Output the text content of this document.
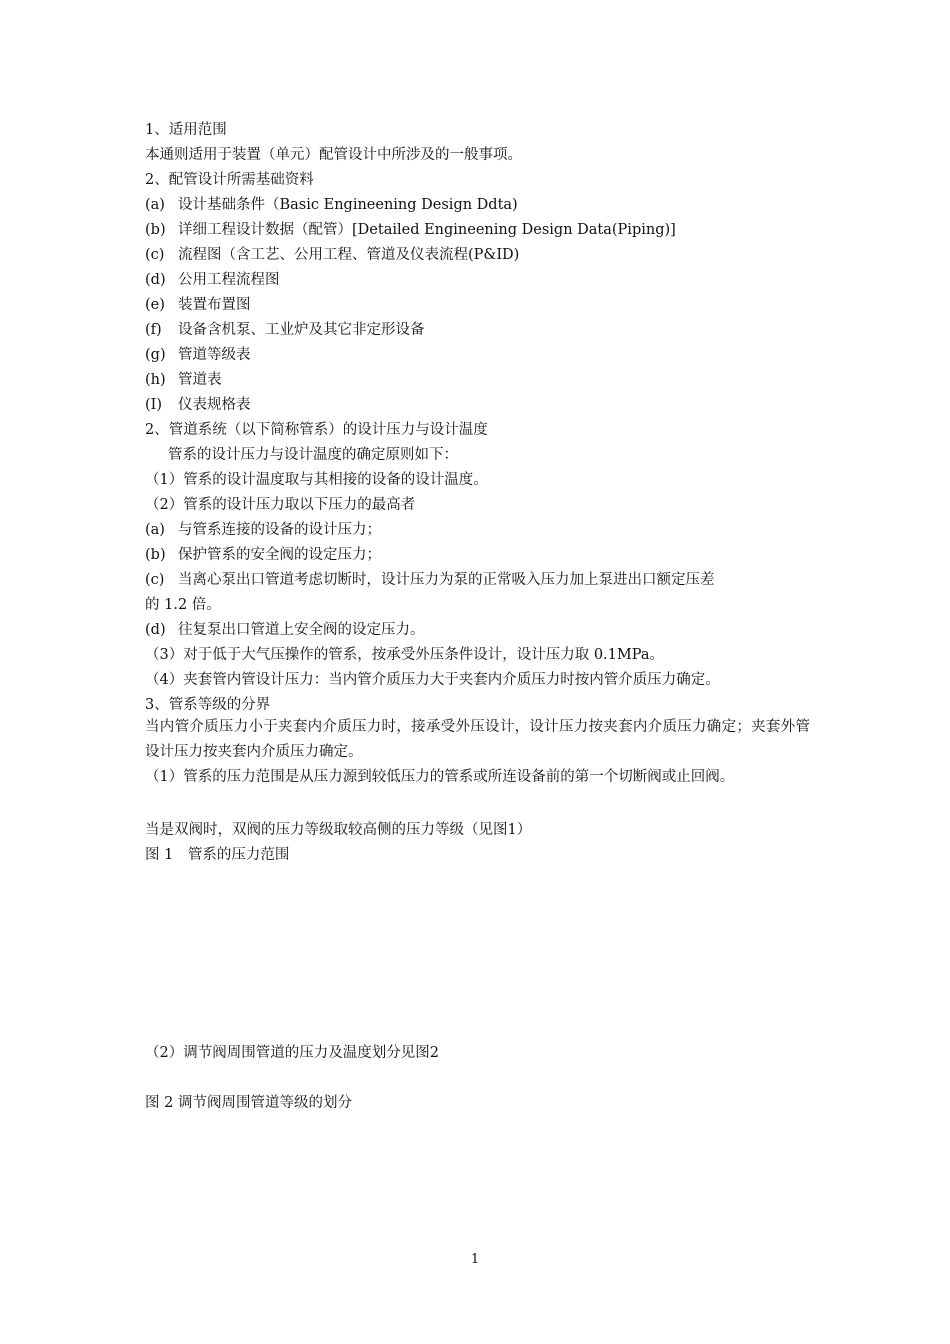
1、适用范围
本通则适用于装置（单元）配管设计中所涉及的一般事项。
2、配管设计所需基础资料
(a) 设计基础条件（Basic Engineening Design Ddta)
(b) 详细工程设计数据（配管）[Detailed Engineening Design Data(Piping)]
(c) 流程图（含工艺、公用工程、管道及仪表流程(P&ID)
(d) 公用工程流程图
(e) 装置布置图
(f)	设备含机泵、工业炉及其它非定形设备
(g) 管道等级表
(h) 管道表
(I)	仪表规格表
2、管道系统（以下简称管系）的设计压力与设计温度
管系的设计压力与设计温度的确定原则如下：
（1）管系的设计温度取与其相接的设备的设计温度。
（2）管系的设计压力取以下压力的最高者
(a) 与管系连接的设备的设计压力；
(b) 保护管系的安全阀的设定压力；
(c) 当离心泵出口管道考虑切断时，设计压力为泵的正常吸入压力加上泵进出口额定压差
的 1.2 倍。
(d) 往复泵出口管道上安全阀的设定压力。
（3）对于低于大气压操作的管系，按承受外压条件设计，设计压力取 0.1MPa。
（4）夹套管内管设计压力：当内管介质压力大于夹套内介质压力时按内管介质压力确定。
3、管系等级的分界
当内管介质压力小于夹套内介质压力时，接承受外压设计，设计压力按夹套内介质压力确定；夹套外管设计压力按夹套内介质压力确定。
（1）管系的压力范围是从压力源到较低压力的管系或所连设备前的第一个切断阀或止回阀。
当是双阀时，双阀的压力等级取较高侧的压力等级（见图1）
图 1　管系的压力范围
（2）调节阀周围管道的压力及温度划分见图2
图 2 调节阀周围管道等级的划分
1
